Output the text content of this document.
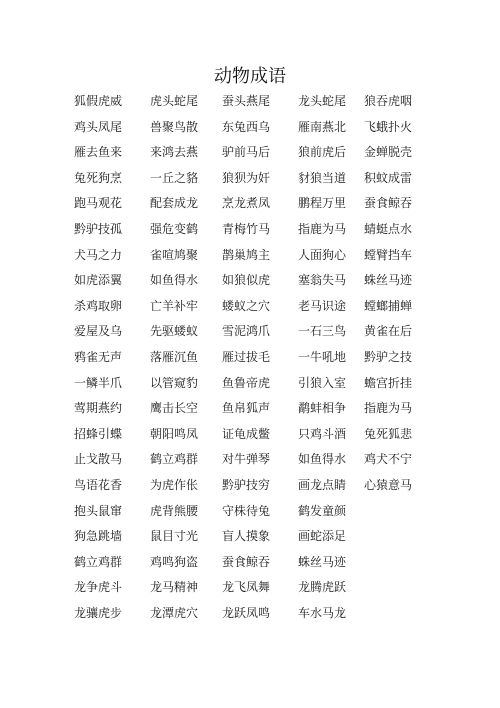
动物成语
狐假虎威 虎头蛇尾 蚕头燕尾 龙头蛇尾 狼吞虎咽
鸡头凤尾 兽聚鸟散 东兔西乌 雁南燕北 飞蛾扑火
雁去鱼来 来鸿去燕 驴前马后 狼前虎后 金蝉脱壳
兔死狗烹 一丘之貉 狼狈为奸 豺狼当道 积蚊成雷
跑马观花 配套成龙 烹龙煮凤 鹏程万里 蚕食鲸吞
黔驴技孤 强危变鹤 青梅竹马 指鹿为马 蜻蜓点水
犬马之力 雀喧鸠聚 鹊巢鸠主 人面狗心 螳臂挡车
如虎添翼 如鱼得水 如狼似虎 塞翁失马 蛛丝马迹
杀鸡取卵 亡羊补牢 蝼蚁之穴 老马识途 螳螂捕蝉
爱屋及乌 先驱蝼蚁 雪泥鸿爪 一石三鸟 黄雀在后
鸦雀无声 落雁沉鱼 雁过拔毛 一牛吼地 黔驴之技
一鳞半爪 以管窥豹 鱼鲁帝虎 引狼入室 蟾宫折挂
莺期燕约 鹰击长空 鱼帛狐声 鹬蚌相争 指鹿为马
招蜂引蝶 朝阳鸣凤 证龟成鳖 只鸡斗酒 兔死狐悲
止戈散马 鹤立鸡群 对牛弹琴 如鱼得水 鸡犬不宁
鸟语花香 为虎作伥 黔驴技穷 画龙点睛 心猿意马
抱头鼠窜 虎背熊腰 守株待兔 鹤发童颜
狗急跳墙 鼠目寸光 盲人摸象 画蛇添足
鹤立鸡群 鸡鸣狗盗 蚕食鲸吞 蛛丝马迹
龙争虎斗 龙马精神 龙飞凤舞 龙腾虎跃
龙骧虎步 龙潭虎穴 龙跃凤鸣 车水马龙
